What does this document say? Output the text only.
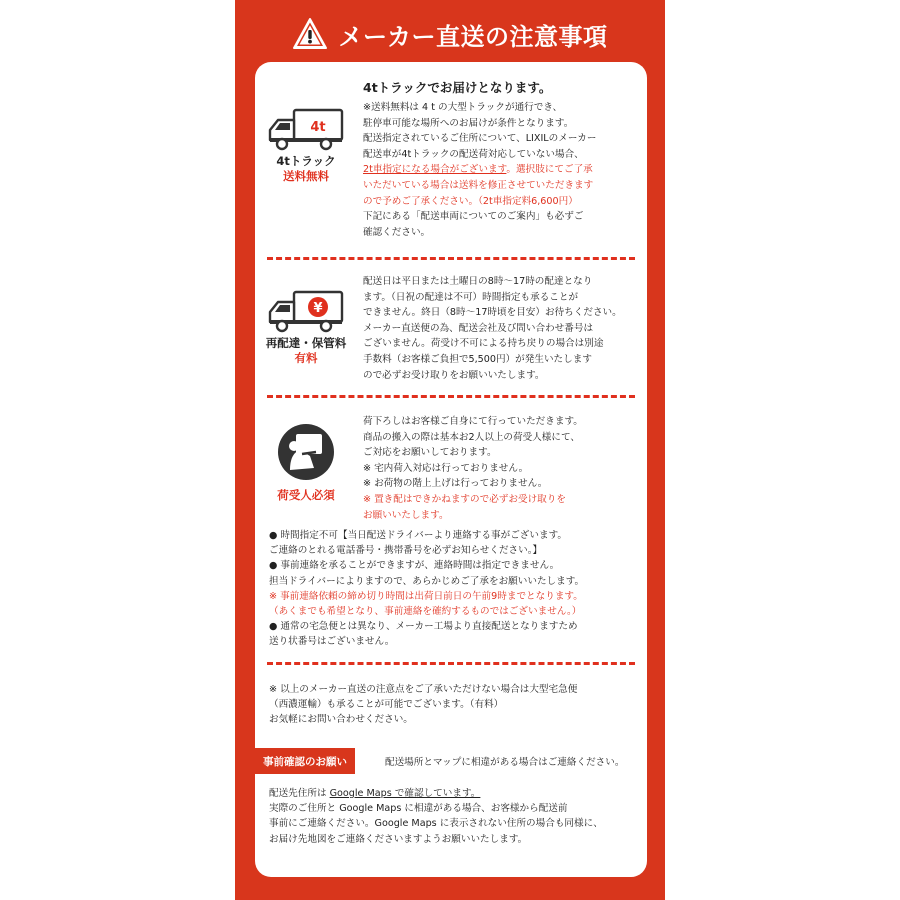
メーカー直送の注意事項
4t
4tトラック
送料無料
4tトラックでお届けとなります。
※送料無料は 4 t の大型トラックが通行でき、
駐停車可能な場所へのお届けが条件となります。
配送指定されているご住所について、LIXILのメーカー
配送車が4tトラックの配送荷対応していない場合、
2t車指定になる場合がございます。選択肢にてご了承
いただいている場合は送料を修正させていただきます
ので予めご了承ください。（2t車指定料6,600円）
下記にある「配送車両についてのご案内」も必ずご
確認ください。
¥
再配達・保管料
有料
配送日は平日または土曜日の8時〜17時の配達となり
ます。（日祝の配達は不可）時間指定も承ることが
できません。終日（8時〜17時頃を目安）お待ちください。
メーカー直送便の為、配送会社及び問い合わせ番号は
ございません。荷受け不可による持ち戻りの場合は別途
手数料（お客様ご負担で5,500円）が発生いたします
ので必ずお受け取りをお願いいたします。
荷受人必須
荷下ろしはお客様ご自身にて行っていただきます。
商品の搬入の際は基本お2人以上の荷受人様にて、
ご対応をお願いしております。
※ 宅内荷入対応は行っておりません。
※ お荷物の階上上げは行っておりません。
※ 置き配はできかねますので必ずお受け取りを
お願いいたします。
● 時間指定不可【当日配送ドライバーより連絡する事がございます。
ご連絡のとれる電話番号・携帯番号を必ずお知らせください。】
● 事前連絡を承ることができますが、連絡時間は指定できません。
担当ドライバーによりますので、あらかじめご了承をお願いいたします。
※ 事前連絡依頼の締め切り時間は出荷日前日の午前9時までとなります。
（あくまでも希望となり、事前連絡を確約するものではございません。）
● 通常の宅急便とは異なり、メーカー工場より直接配送となりますため
送り状番号はございません。
※ 以上のメーカー直送の注意点をご了承いただけない場合は大型宅急便
（西濃運輸）も承ることが可能でございます。（有料）
お気軽にお問い合わせください。
事前確認のお願い	配送場所とマップに相違がある場合はご連絡ください。
配送先住所は Google Maps で確認しています。
実際のご住所と Google Maps に相違がある場合、お客様から配送前
事前にご連絡ください。Google Maps に表示されない住所の場合も同様に、
お届け先地図をご連絡くださいますようお願いいたします。
